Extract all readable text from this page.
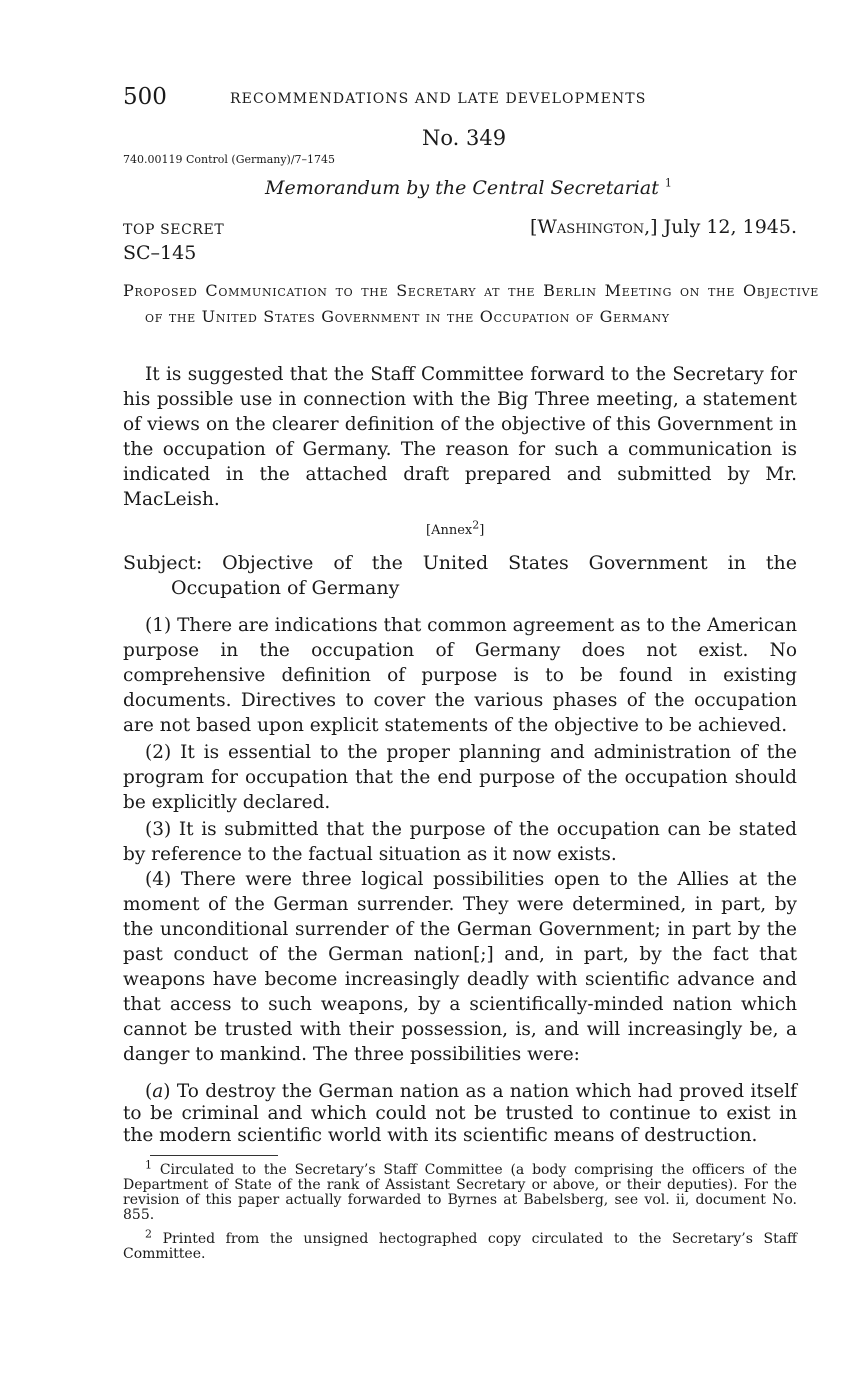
500	RECOMMENDATIONS AND LATE DEVELOPMENTS
No. 349
740.00119 Control (Germany)/7–1745
Memorandum by the Central Secretariat $^1$
TOP SECRET	[Washington,] July 12, 1945.
SC–145
Proposed Communication to the Secretary at the Berlin Meeting on the Objective of the United States Government in the Occupation of Germany

It is suggested that the Staff Committee forward to the Secretary for his possible use in connection with the Big Three meeting, a statement of views on the clearer definition of the objective of this Government in the occupation of Germany. The reason for such a communication is indicated in the attached draft prepared and submitted by Mr. MacLeish.

[Annex$^2$]
Subject: Objective of the United States Government in the Occupation of Germany

(1) There are indications that common agreement as to the American purpose in the occupation of Germany does not exist. No comprehensive definition of purpose is to be found in existing documents. Directives to cover the various phases of the occupation are not based upon explicit statements of the objective to be achieved.

(2) It is essential to the proper planning and administration of the program for occupation that the end purpose of the occupation should be explicitly declared.

(3) It is submitted that the purpose of the occupation can be stated by reference to the factual situation as it now exists.

(4) There were three logical possibilities open to the Allies at the moment of the German surrender. They were determined, in part, by the unconditional surrender of the German Government; in part by the past conduct of the German nation[;] and, in part, by the fact that weapons have become increasingly deadly with scientific advance and that access to such weapons, by a scientifically-minded nation which cannot be trusted with their possession, is, and will increasingly be, a danger to mankind. The three possibilities were:

(a) To destroy the German nation as a nation which had proved itself to be criminal and which could not be trusted to continue to exist in the modern scientific world with its scientific means of destruction.

$^1$ Circulated to the Secretary’s Staff Committee (a body comprising the officers of the Department of State of the rank of Assistant Secretary or above, or their deputies). For the revision of this paper actually forwarded to Byrnes at Babelsberg, see vol. ii, document No. 855.

$^2$ Printed from the unsigned hectographed copy circulated to the Secretary’s Staff Committee.
